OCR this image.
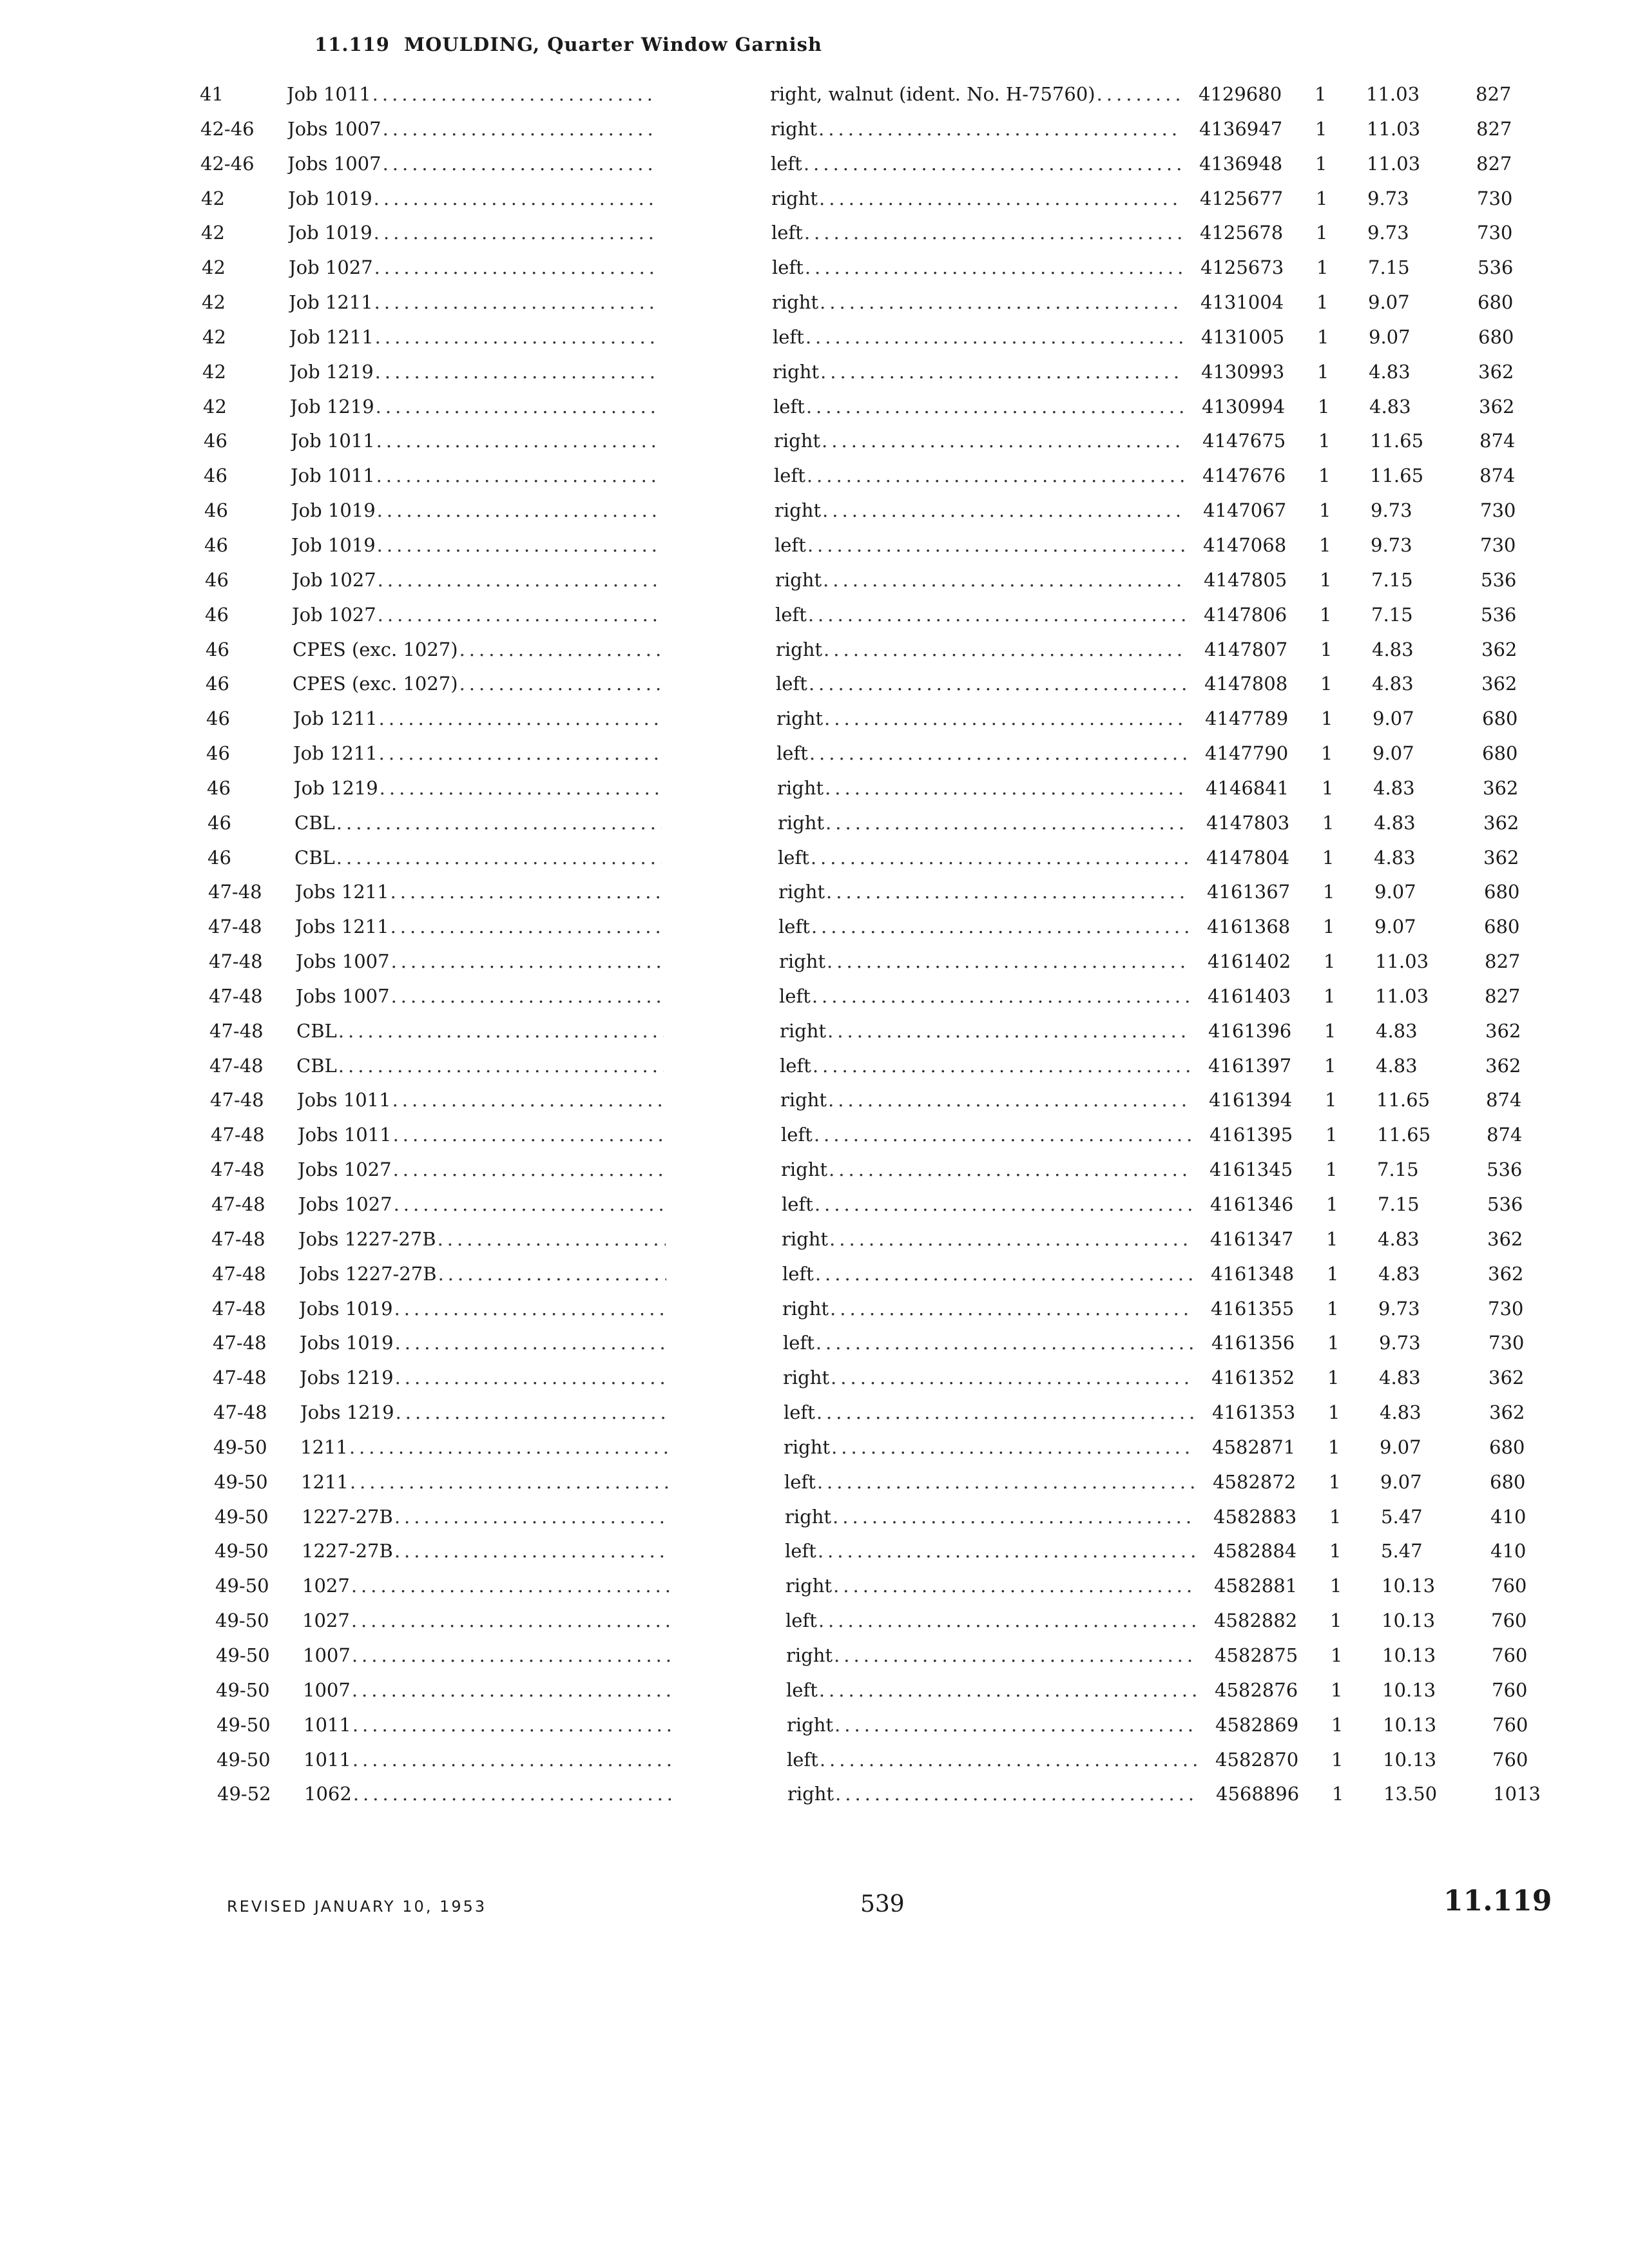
11.119 MOULDING, Quarter Window Garnish
41	Job 1011 .....	right, walnut (ident. No. H-75760) .....	4129680	1	11.03	827
42-46	Jobs 1007 .....	right .....	4136947	1	11.03	827
42-46	Jobs 1007 .....	left .....	4136948	1	11.03	827
42	Job 1019 .....	right .....	4125677	1	9.73	730
42	Job 1019 .....	left .....	4125678	1	9.73	730
42	Job 1027 .....	left .....	4125673	1	7.15	536
42	Job 1211 .....	right .....	4131004	1	9.07	680
42	Job 1211 .....	left .....	4131005	1	9.07	680
42	Job 1219 .....	right .....	4130993	1	4.83	362
42	Job 1219 .....	left .....	4130994	1	4.83	362
46	Job 1011 .....	right .....	4147675	1	11.65	874
46	Job 1011 .....	left .....	4147676	1	11.65	874
46	Job 1019 .....	right .....	4147067	1	9.73	730
46	Job 1019 .....	left .....	4147068	1	9.73	730
46	Job 1027 .....	right .....	4147805	1	7.15	536
46	Job 1027 .....	left .....	4147806	1	7.15	536
46	CPES (exc. 1027) .....	right .....	4147807	1	4.83	362
46	CPES (exc. 1027) .....	left .....	4147808	1	4.83	362
46	Job 1211 .....	right .....	4147789	1	9.07	680
46	Job 1211 .....	left .....	4147790	1	9.07	680
46	Job 1219 .....	right .....	4146841	1	4.83	362
46	CBL .....	right .....	4147803	1	4.83	362
46	CBL .....	left .....	4147804	1	4.83	362
47-48	Jobs 1211 .....	right .....	4161367	1	9.07	680
47-48	Jobs 1211 .....	left .....	4161368	1	9.07	680
47-48	Jobs 1007 .....	right .....	4161402	1	11.03	827
47-48	Jobs 1007 .....	left .....	4161403	1	11.03	827
47-48	CBL .....	right .....	4161396	1	4.83	362
47-48	CBL .....	left .....	4161397	1	4.83	362
47-48	Jobs 1011 .....	right .....	4161394	1	11.65	874
47-48	Jobs 1011 .....	left .....	4161395	1	11.65	874
47-48	Jobs 1027 .....	right .....	4161345	1	7.15	536
47-48	Jobs 1027 .....	left .....	4161346	1	7.15	536
47-48	Jobs 1227-27B .....	right .....	4161347	1	4.83	362
47-48	Jobs 1227-27B .....	left .....	4161348	1	4.83	362
47-48	Jobs 1019 .....	right .....	4161355	1	9.73	730
47-48	Jobs 1019 .....	left .....	4161356	1	9.73	730
47-48	Jobs 1219 .....	right .....	4161352	1	4.83	362
47-48	Jobs 1219 .....	left .....	4161353	1	4.83	362
49-50	1211 .....	right .....	4582871	1	9.07	680
49-50	1211 .....	left .....	4582872	1	9.07	680
49-50	1227-27B .....	right .....	4582883	1	5.47	410
49-50	1227-27B .....	left .....	4582884	1	5.47	410
49-50	1027 .....	right .....	4582881	1	10.13	760
49-50	1027 .....	left .....	4582882	1	10.13	760
49-50	1007 .....	right .....	4582875	1	10.13	760
49-50	1007 .....	left .....	4582876	1	10.13	760
49-50	1011 .....	right .....	4582869	1	10.13	760
49-50	1011 .....	left .....	4582870	1	10.13	760
49-52	1062 .....	right .....	4568896	1	13.50	1013
REVISED JANUARY 10, 1953	539	11.119
